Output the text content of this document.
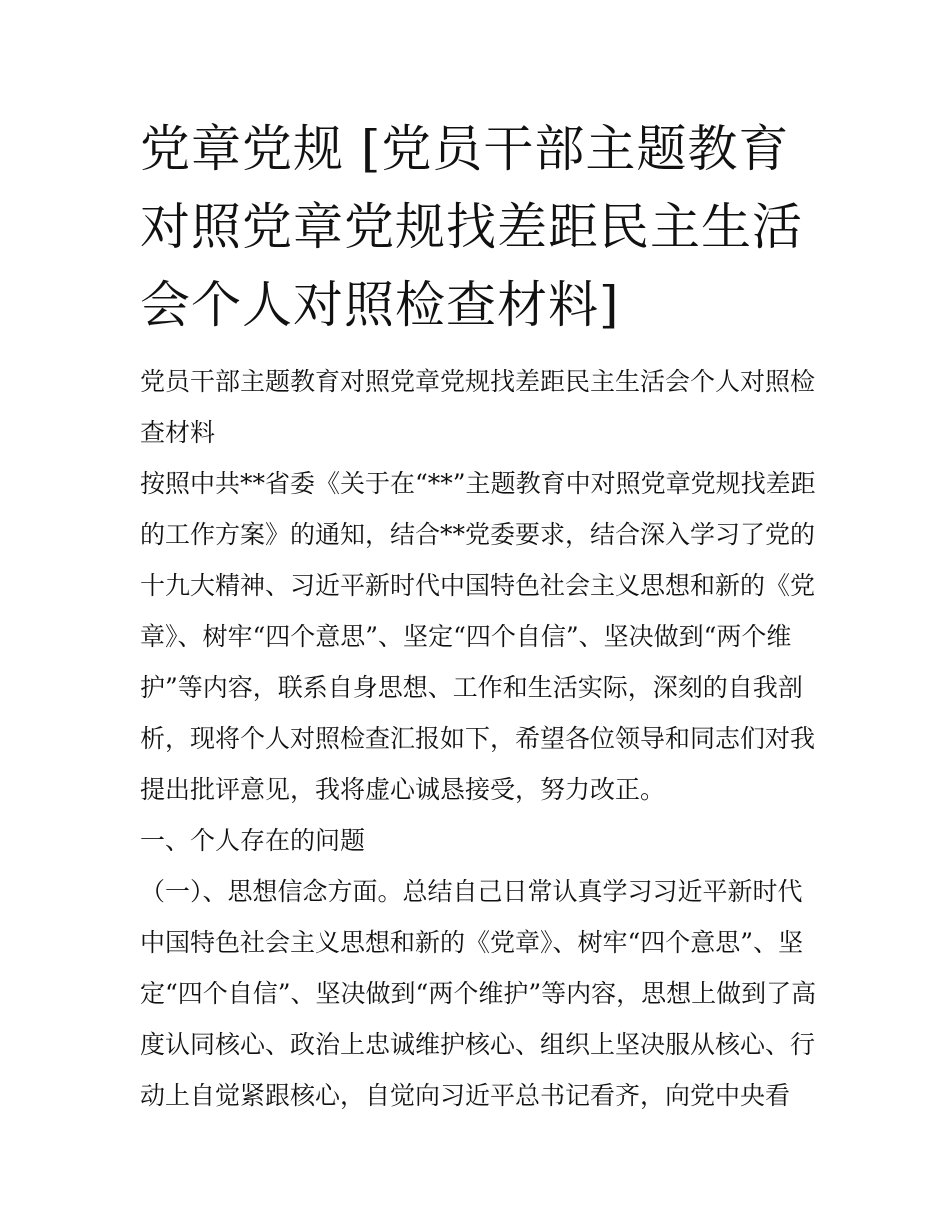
党章党规 [党员干部主题教育
对照党章党规找差距民主生活
会个人对照检查材料]
党员干部主题教育对照党章党规找差距民主生活会个人对照检
查材料
按照中共**省委《关于在“**”主题教育中对照党章党规找差距
的工作方案》的通知，结合**党委要求，结合深入学习了党的
十九大精神、习近平新时代中国特色社会主义思想和新的《党
章》、树牢“四个意思”、坚定“四个自信”、坚决做到“两个维
护”等内容，联系自身思想、工作和生活实际，深刻的自我剖
析，现将个人对照检查汇报如下，希望各位领导和同志们对我
提出批评意见，我将虚心诚恳接受，努力改正。
一、个人存在的问题
（一）、思想信念方面。总结自己日常认真学习习近平新时代
中国特色社会主义思想和新的《党章》、树牢“四个意思”、坚
定“四个自信”、坚决做到“两个维护”等内容，思想上做到了高
度认同核心、政治上忠诚维护核心、组织上坚决服从核心、行
动上自觉紧跟核心，自觉向习近平总书记看齐，向党中央看
